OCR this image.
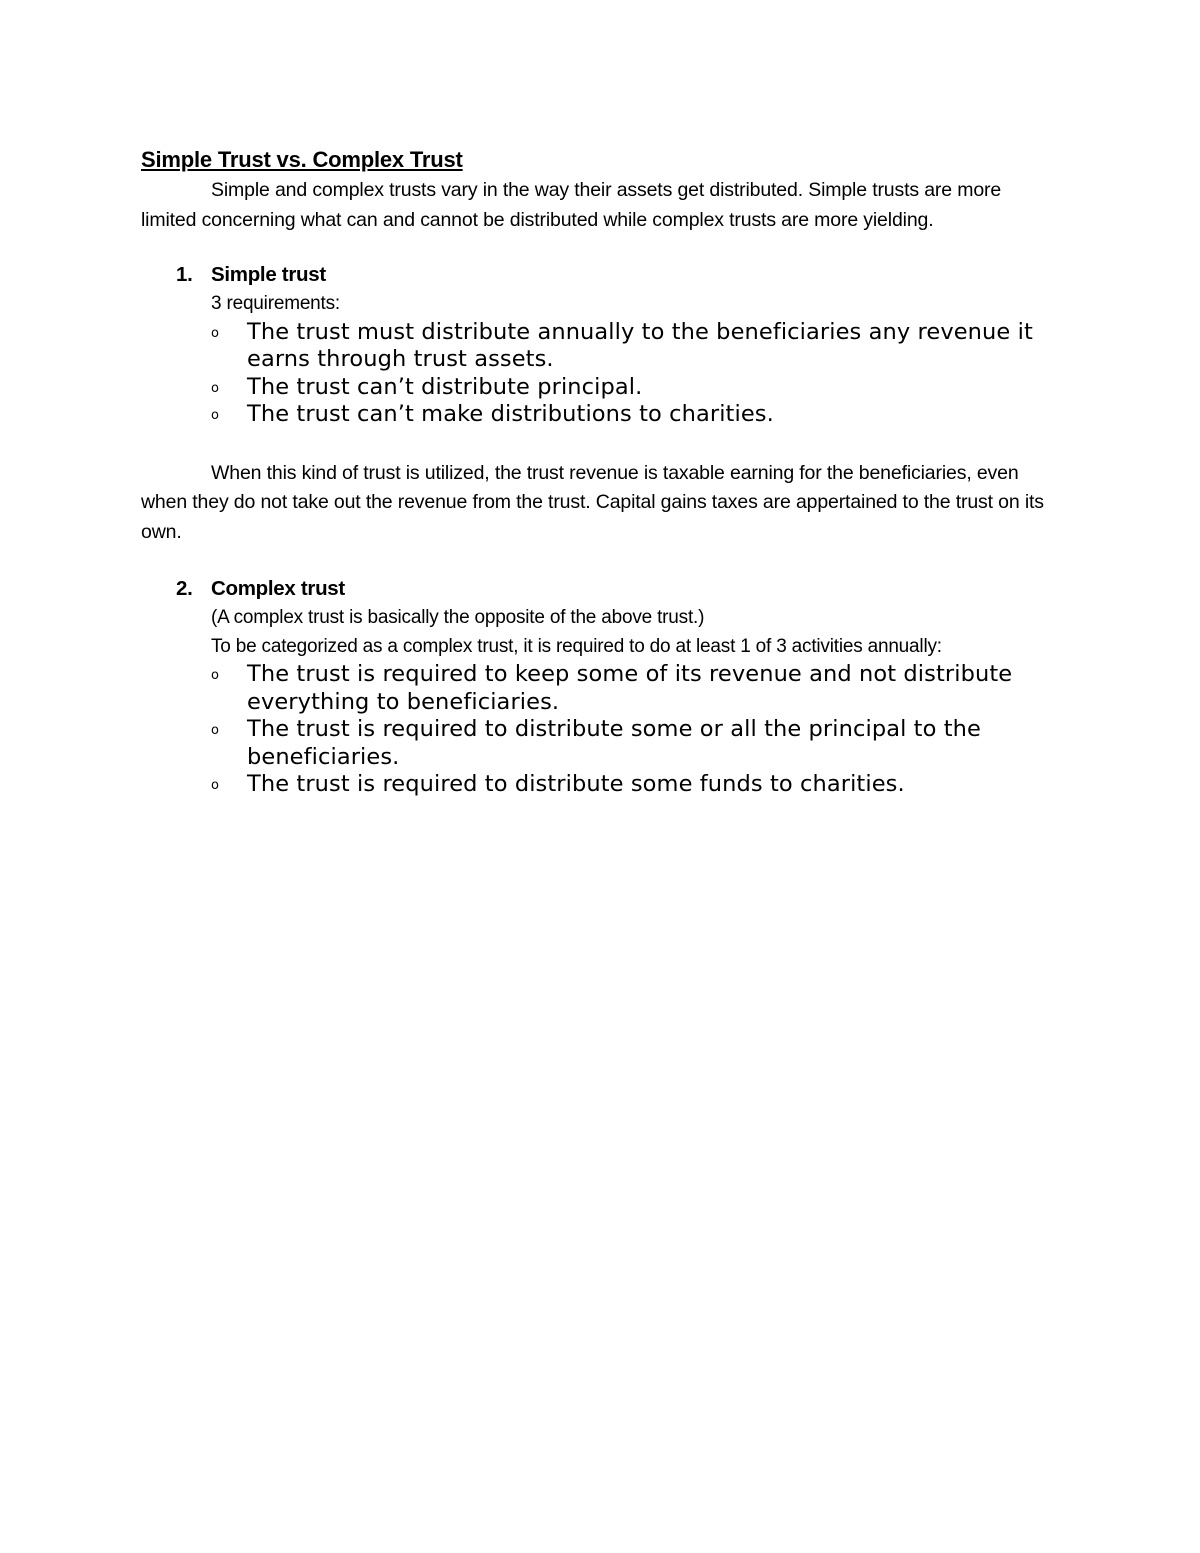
Simple Trust vs. Complex Trust

Simple and complex trusts vary in the way their assets get distributed. Simple trusts are more limited concerning what can and cannot be distributed while complex trusts are more yielding.

1. Simple trust
3 requirements:
o The trust must distribute annually to the beneficiaries any revenue it earns through trust assets.
o The trust can’t distribute principal.
o The trust can’t make distributions to charities.

When this kind of trust is utilized, the trust revenue is taxable earning for the beneficiaries, even when they do not take out the revenue from the trust. Capital gains taxes are appertained to the trust on its own.

2. Complex trust
(A complex trust is basically the opposite of the above trust.)
To be categorized as a complex trust, it is required to do at least 1 of 3 activities annually:
o The trust is required to keep some of its revenue and not distribute everything to beneficiaries.
o The trust is required to distribute some or all the principal to the beneficiaries.
o The trust is required to distribute some funds to charities.
